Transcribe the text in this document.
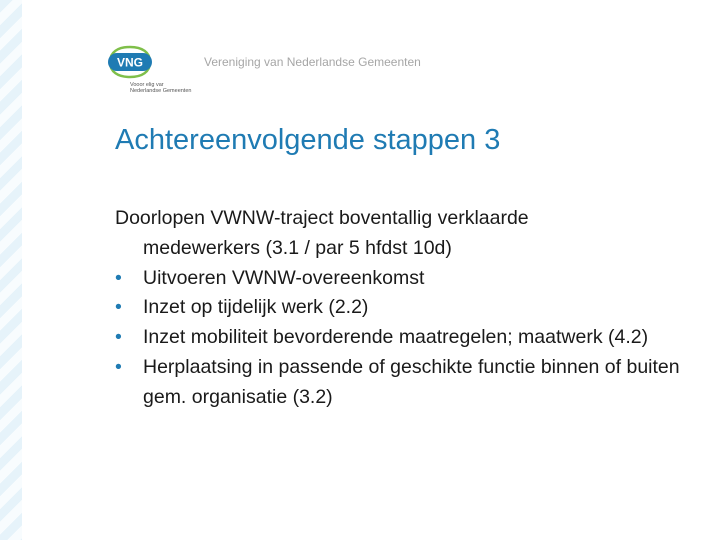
VNG
Vooor elig var
Nederlandse Gemeenten
Vereniging van Nederlandse Gemeenten
Achtereenvolgende stappen 3
Doorlopen VWNW-traject boventallig verklaarde
medewerkers (3.1 / par 5 hfdst 10d)
• Uitvoeren VWNW-overeenkomst
• Inzet op tijdelijk werk (2.2)
• Inzet mobiliteit bevorderende maatregelen; maatwerk (4.2)
• Herplaatsing in passende of geschikte functie binnen of buiten gem. organisatie (3.2)
